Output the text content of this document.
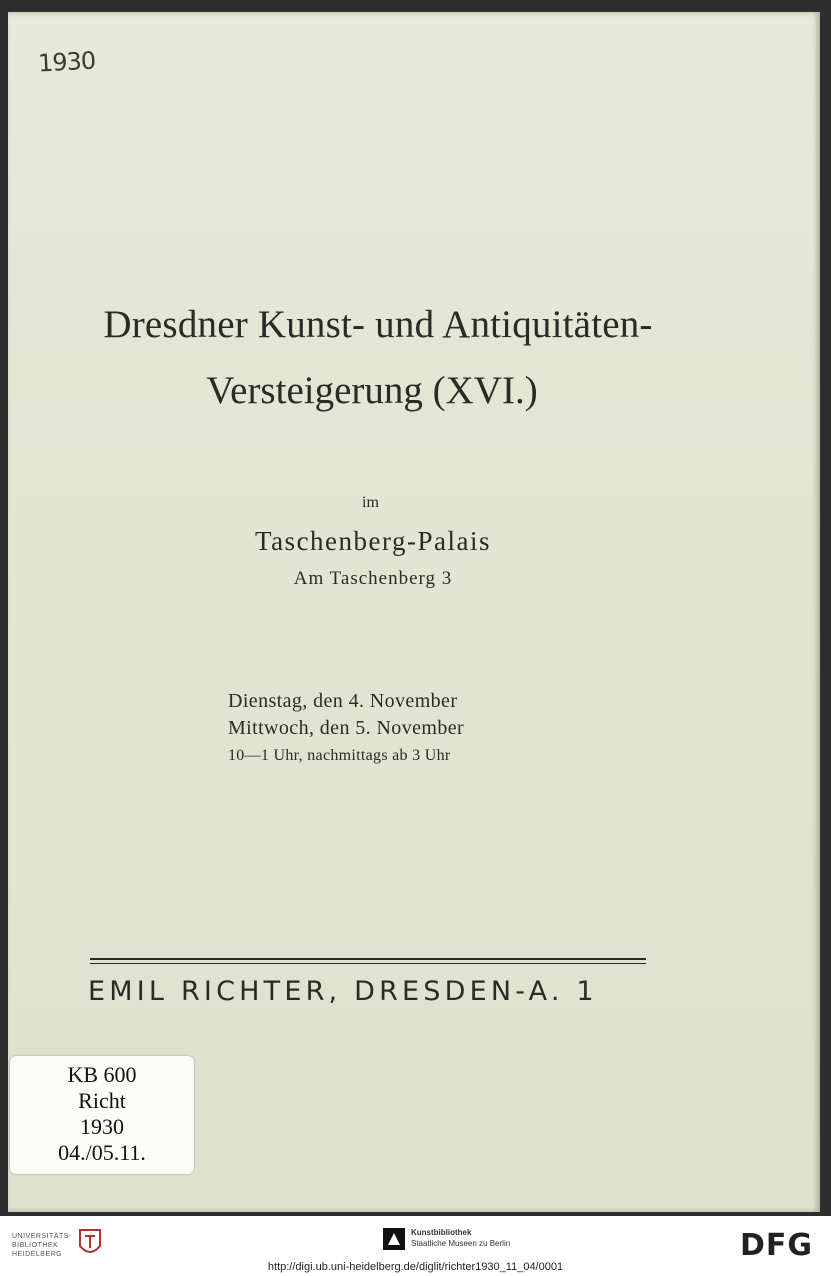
1930
Dresdner Kunst- und Antiquitäten-
Versteigerung (XVI.)
im
Taschenberg-Palais
Am Taschenberg 3
Dienstag, den 4. November
Mittwoch, den 5. November
10—1 Uhr, nachmittags ab 3 Uhr
EMIL RICHTER, DRESDEN-A. 1
KB 600
Richt
1930
04./05.11.
UNIVERSITÄTS-
BIBLIOTHEK
HEIDELBERG
Kunstbibliothek
Staatliche Museen zu Berlin	DFG
http://digi.ub.uni-heidelberg.de/diglit/richter1930_11_04/0001
